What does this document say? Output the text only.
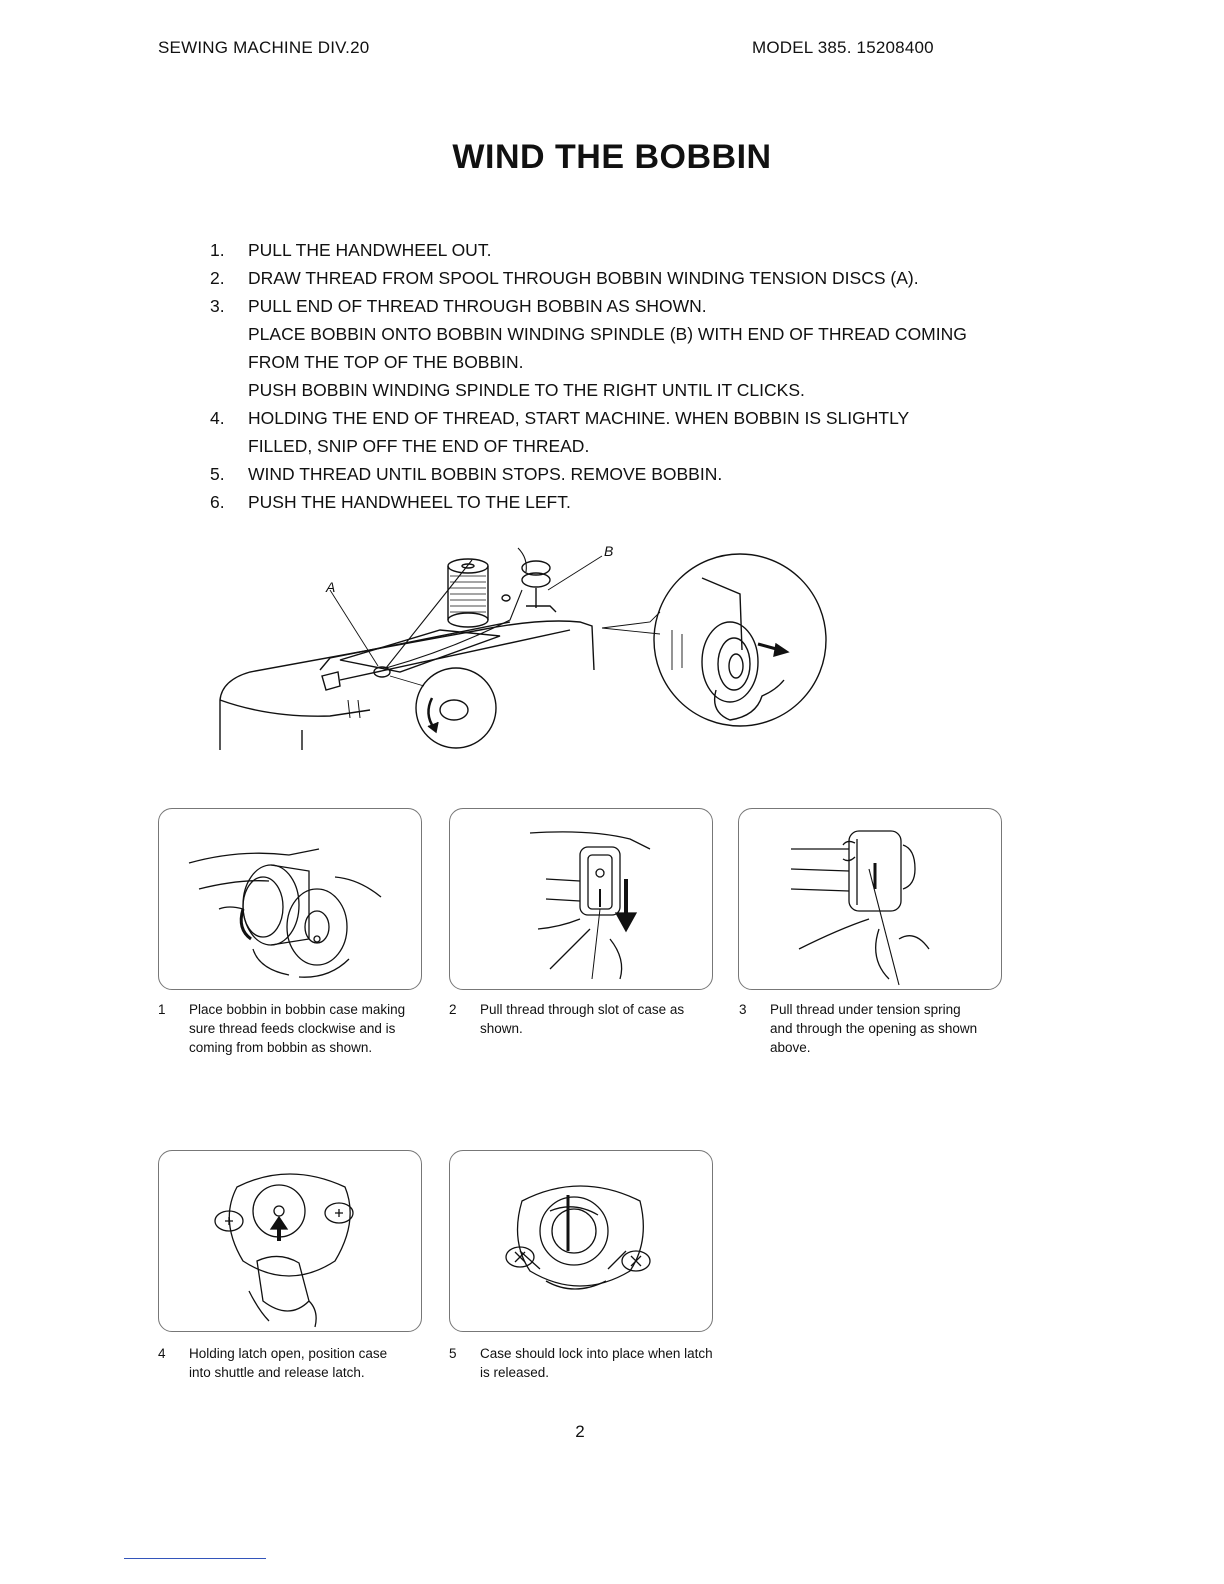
SEWING MACHINE DIV.20	MODEL 385. 15208400
WIND THE BOBBIN
1. PULL THE HANDWHEEL OUT.
2. DRAW THREAD FROM SPOOL THROUGH BOBBIN WINDING TENSION DISCS (A).
3. PULL END OF THREAD THROUGH BOBBIN AS SHOWN.
PLACE BOBBIN ONTO BOBBIN WINDING SPINDLE (B) WITH END OF THREAD COMING
FROM THE TOP OF THE BOBBIN.
PUSH BOBBIN WINDING SPINDLE TO THE RIGHT UNTIL IT CLICKS.
4. HOLDING THE END OF THREAD, START MACHINE. WHEN BOBBIN IS SLIGHTLY
FILLED, SNIP OFF THE END OF THREAD.
5. WIND THREAD UNTIL BOBBIN STOPS. REMOVE BOBBIN.
6. PUSH THE HANDWHEEL TO THE LEFT.
A
B
1 Place bobbin in bobbin case making
sure thread feeds clockwise and is
coming from bobbin as shown.
2 Pull thread through slot of case as
shown.
3 Pull thread under tension spring
and through the opening as shown
above.
4 Holding latch open, position case
into shuttle and release latch.
5 Case should lock into place when latch
is released.
2
